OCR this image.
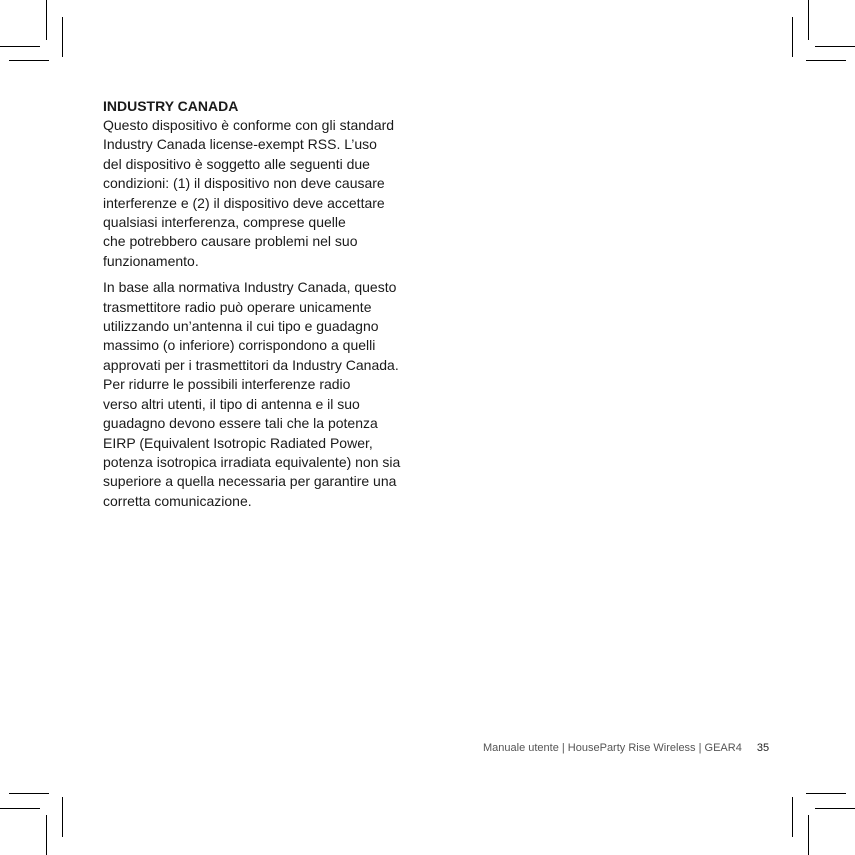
INDUSTRY CANADA

Questo dispositivo è conforme con gli standard
Industry Canada license-exempt RSS. L’uso
del dispositivo è soggetto alle seguenti due
condizioni: (1) il dispositivo non deve causare
interferenze e (2) il dispositivo deve accettare
qualsiasi interferenza, comprese quelle
che potrebbero causare problemi nel suo
funzionamento.

In base alla normativa Industry Canada, questo
trasmettitore radio può operare unicamente
utilizzando un’antenna il cui tipo e guadagno
massimo (o inferiore) corrispondono a quelli
approvati per i trasmettitori da Industry Canada.
Per ridurre le possibili interferenze radio
verso altri utenti, il tipo di antenna e il suo
guadagno devono essere tali che la potenza
EIRP (Equivalent Isotropic Radiated Power,
potenza isotropica irradiata equivalente) non sia
superiore a quella necessaria per garantire una
corretta comunicazione.

Manuale utente | HouseParty Rise Wireless | GEAR4 35
